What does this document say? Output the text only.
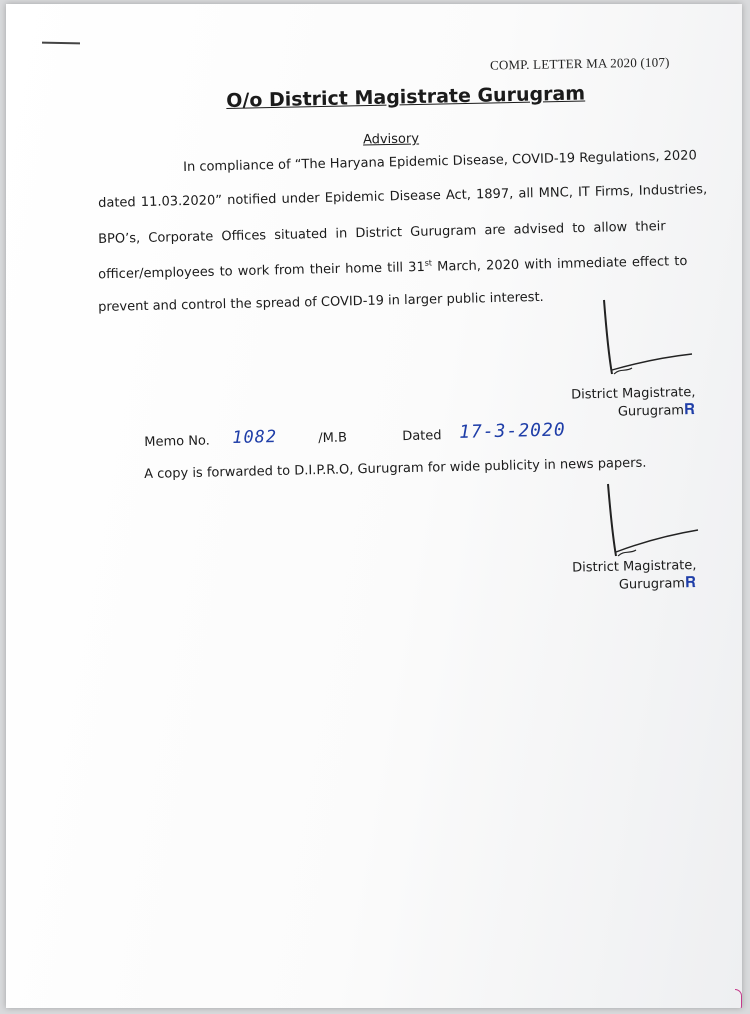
COMP. LETTER MA 2020 (107)
O/o District Magistrate Gurugram
Advisory
In compliance of “The Haryana Epidemic Disease, COVID-19 Regulations, 2020
dated 11.03.2020” notified under Epidemic Disease Act, 1897, all MNC, IT Firms, Industries,
BPO’s, Corporate Offices situated in District Gurugram are advised to allow their
officer/employees to work from their home till 31st March, 2020 with immediate effect to
prevent and control the spread of COVID-19 in larger public interest.
District Magistrate,
Gurugram𝐑
Memo No. 1082	/M.B	Dated 17-3-2020
A copy is forwarded to D.I.P.R.O, Gurugram for wide publicity in news papers.
District Magistrate,
Gurugram𝐑
